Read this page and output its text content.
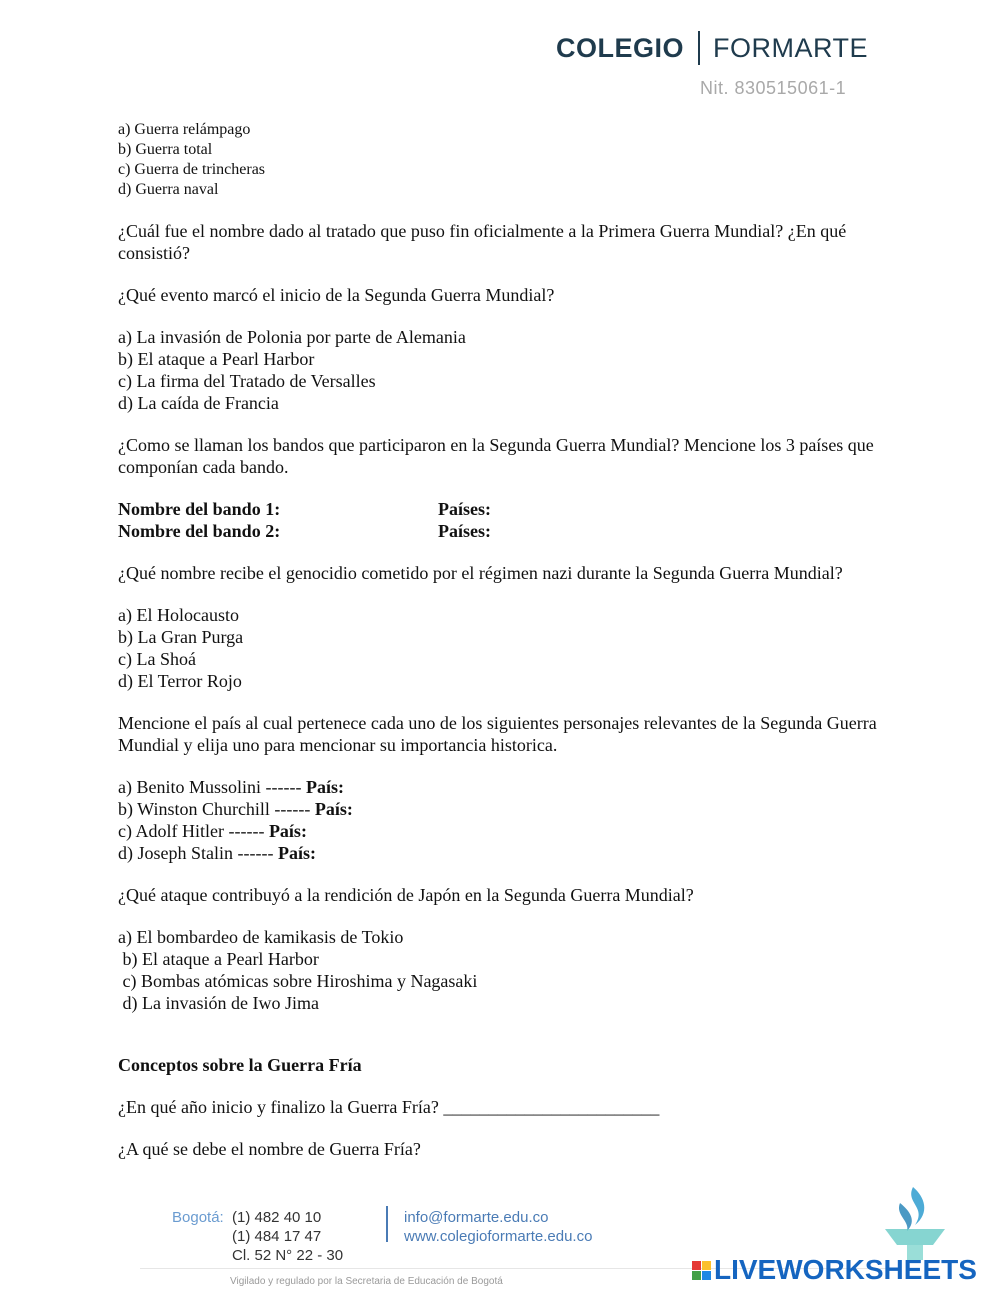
COLEGIO FORMARTE
Nit. 830515061-1
a) Guerra relámpago
b) Guerra total
c) Guerra de trincheras
d) Guerra naval
¿Cuál fue el nombre dado al tratado que puso fin oficialmente a la Primera Guerra Mundial? ¿En qué consistió?
¿Qué evento marcó el inicio de la Segunda Guerra Mundial?
a) La invasión de Polonia por parte de Alemania
b) El ataque a Pearl Harbor
c) La firma del Tratado de Versalles
d) La caída de Francia
¿Como se llaman los bandos que participaron en la Segunda Guerra Mundial? Mencione los 3 países que componían cada bando.
Nombre del bando 1:	Países:
Nombre del bando 2:	Países:
¿Qué nombre recibe el genocidio cometido por el régimen nazi durante la Segunda Guerra Mundial?
a) El Holocausto
b) La Gran Purga
c) La Shoá
d) El Terror Rojo
Mencione el país al cual pertenece cada uno de los siguientes personajes relevantes de la Segunda Guerra Mundial y elija uno para mencionar su importancia historica.
a) Benito Mussolini ------ País:
b) Winston Churchill ------ País:
c) Adolf Hitler ------ País:
d) Joseph Stalin ------ País:
¿Qué ataque contribuyó a la rendición de Japón en la Segunda Guerra Mundial?
a) El bombardeo de kamikasis de Tokio
b) El ataque a Pearl Harbor
c) Bombas atómicas sobre Hiroshima y Nagasaki
d) La invasión de Iwo Jima
Conceptos sobre la Guerra Fría
¿En qué año inicio y finalizo la Guerra Fría? ________________________
¿A qué se debe el nombre de Guerra Fría?
Bogotá: (1) 482 40 10
(1) 484 17 47
Cl. 52 N° 22 - 30
info@formarte.edu.co
www.colegioformarte.edu.co
Vigilado y regulado por la Secretaria de Educación de Bogotá	LIVEWORKSHEETS
